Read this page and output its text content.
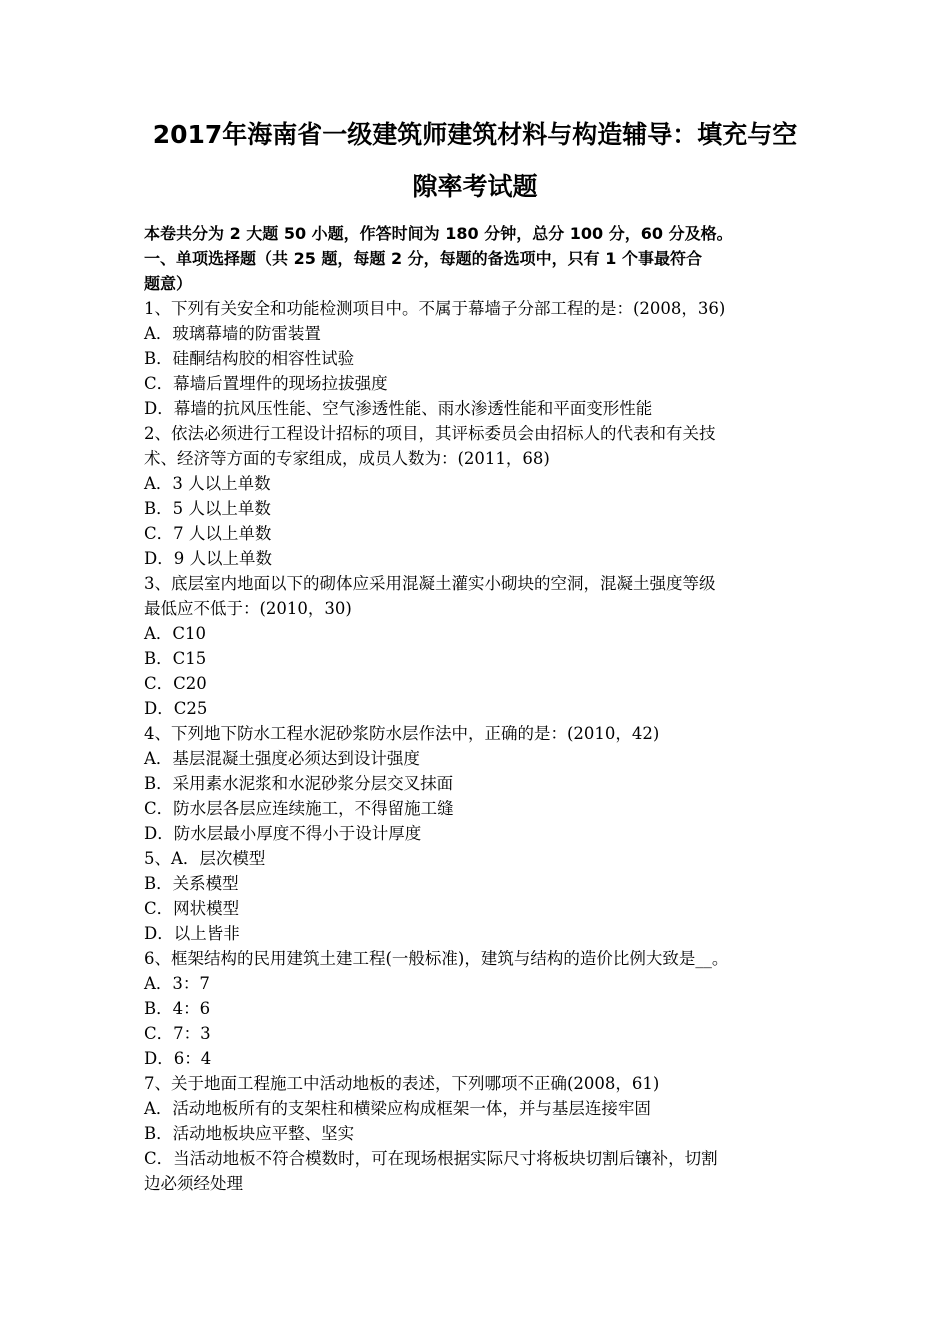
2017年海南省一级建筑师建筑材料与构造辅导：填充与空
隙率考试题

本卷共分为 2 大题 50 小题，作答时间为 180 分钟，总分 100 分，60 分及格。

一、单项选择题（共 25 题，每题 2 分，每题的备选项中，只有 1 个事最符合

题意）

1、下列有关安全和功能检测项目中。不属于幕墙子分部工程的是：(2008，36)

A．玻璃幕墙的防雷装置

B．硅酮结构胶的相容性试验

C．幕墙后置埋件的现场拉拔强度

D．幕墙的抗风压性能、空气渗透性能、雨水渗透性能和平面变形性能

2、依法必须进行工程设计招标的项目，其评标委员会由招标人的代表和有关技

术、经济等方面的专家组成，成员人数为：(2011，68)

A．3 人以上单数

B．5 人以上单数

C．7 人以上单数

D．9 人以上单数

3、底层室内地面以下的砌体应采用混凝土灌实小砌块的空洞，混凝土强度等级

最低应不低于：(2010，30)

A．C10

B．C15

C．C20

D．C25

4、下列地下防水工程水泥砂浆防水层作法中，正确的是：(2010，42)

A．基层混凝土强度必须达到设计强度

B．采用素水泥浆和水泥砂浆分层交叉抹面

C．防水层各层应连续施工，不得留施工缝

D．防水层最小厚度不得小于设计厚度

5、A．层次模型

B．关系模型

C．网状模型

D．以上皆非

6、框架结构的民用建筑土建工程(一般标准)，建筑与结构的造价比例大致是__。

A．3：7

B．4：6

C．7：3

D．6：4

7、关于地面工程施工中活动地板的表述，下列哪项不正确(2008，61)

A．活动地板所有的支架柱和横梁应构成框架一体，并与基层连接牢固

B．活动地板块应平整、坚实

C．当活动地板不符合模数时，可在现场根据实际尺寸将板块切割后镶补，切割

边必须经处理
